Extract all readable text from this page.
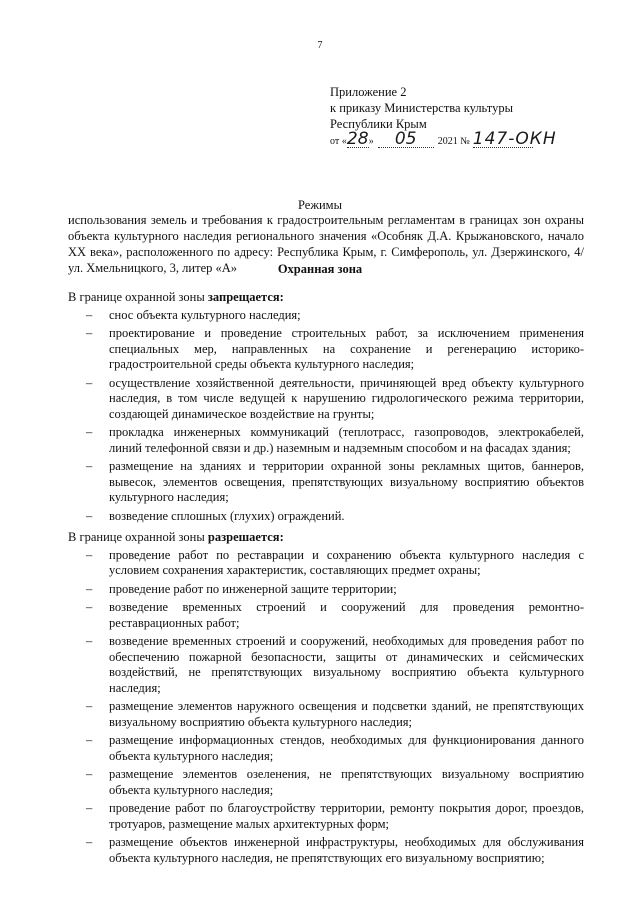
7
Приложение 2
к приказу Министерства культуры
Республики Крым
от « 28 »	05	2021 № 147-ОКН
Режимы
использования земель и требования к градостроительным регламентам в границах зон охраны объекта культурного наследия регионального значения «Особняк Д.А. Крыжановского, начало XX века», расположенного по адресу: Республика Крым, г. Симферополь, ул. Дзержинского, 4/ ул. Хмельницкого, 3, литер «А»	Охранная зона

В границе охранной зоны запрещается:

– снос объекта культурного наследия;
– проектирование и проведение строительных работ, за исключением применения специальных мер, направленных на сохранение и регенерацию историко-градостроительной среды объекта культурного наследия;
– осуществление хозяйственной деятельности, причиняющей вред объекту культурного наследия, в том числе ведущей к нарушению гидрологического режима территории, создающей динамическое воздействие на грунты;
– прокладка инженерных коммуникаций (теплотрасс, газопроводов, электрокабелей, линий телефонной связи и др.) наземным и надземным способом и на фасадах здания;
– размещение на зданиях и территории охранной зоны рекламных щитов, баннеров, вывесок, элементов освещения, препятствующих визуальному восприятию объектов культурного наследия;
– возведение сплошных (глухих) ограждений.

В границе охранной зоны разрешается:

– проведение работ по реставрации и сохранению объекта культурного наследия с условием сохранения характеристик, составляющих предмет охраны;
– проведение работ по инженерной защите территории;
– возведение временных строений и сооружений для проведения ремонтно-реставрационных работ;
– возведение временных строений и сооружений, необходимых для проведения работ по обеспечению пожарной безопасности, защиты от динамических и сейсмических воздействий, не препятствующих визуальному восприятию объекта культурного наследия;
– размещение элементов наружного освещения и подсветки зданий, не препятствующих визуальному восприятию объекта культурного наследия;
– размещение информационных стендов, необходимых для функционирования данного объекта культурного наследия;
– размещение элементов озеленения, не препятствующих визуальному восприятию объекта культурного наследия;
– проведение работ по благоустройству территории, ремонту покрытия дорог, проездов, тротуаров, размещение малых архитектурных форм;
– размещение объектов инженерной инфраструктуры, необходимых для обслуживания объекта культурного наследия, не препятствующих его визуальному восприятию;
